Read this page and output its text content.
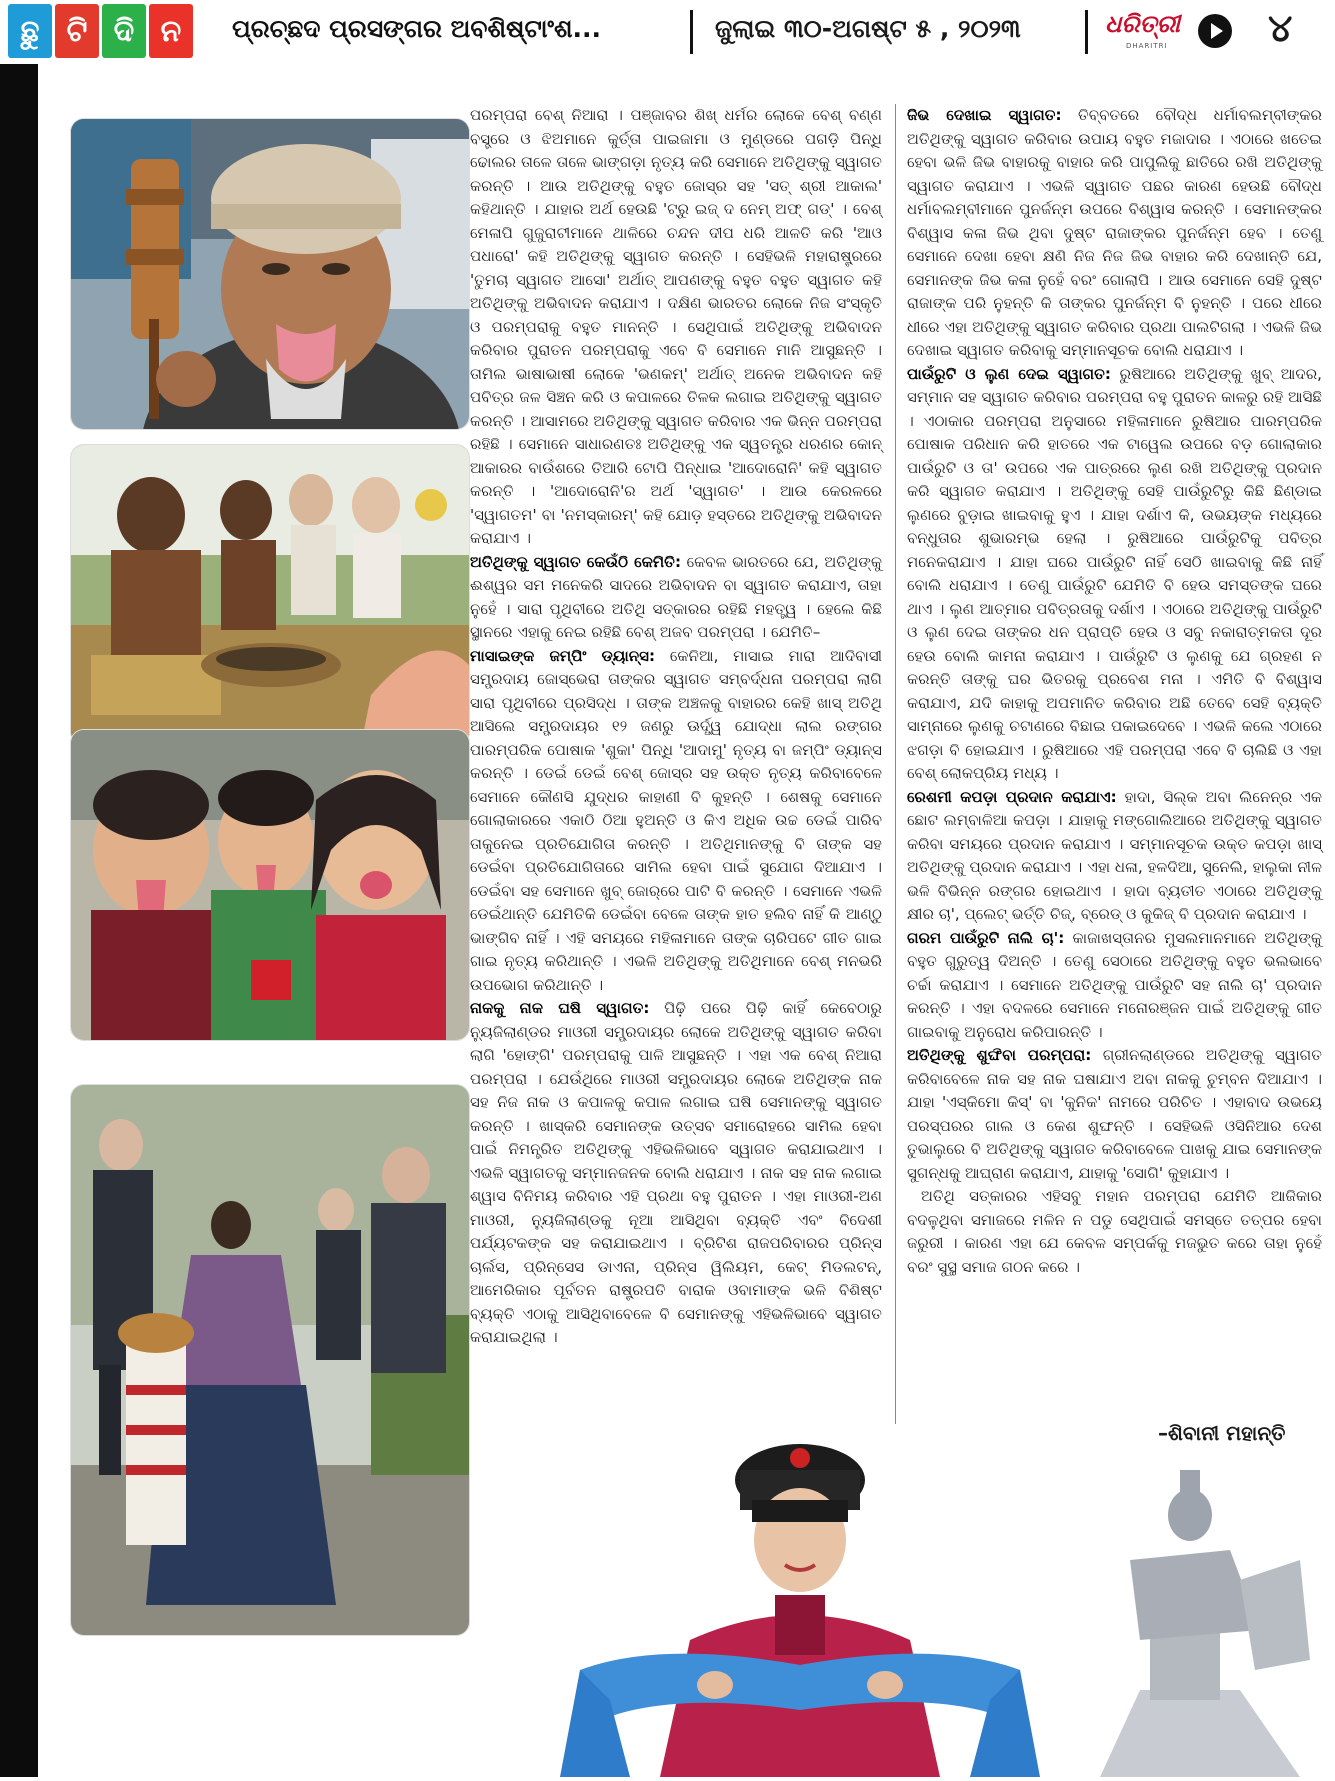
ଛୁ ଟି ଦି ନ	ପ୍ରଚ୍ଛଦ ପ୍ରସଙ୍ଗର ଅବଶିଷ୍ଟାଂଶ...	ଜୁଲାଇ ୩୦-ଅଗଷ୍ଟ ୫ , ୨୦୨୩	ଧରିତ୍ରୀ
DHARITRI	୪

ପରମ୍ପରା ବେଶ୍ ନିଆରା । ପଞ୍ଜାବର ଶିଖ୍ ଧର୍ମର ଲୋକେ ବେଶ୍ ବଣ୍ଣ ବସ୍ତ୍ରେ ଓ ଝିଅମାନେ କୁର୍ତ୍ତା ପାଇଜାମା ଓ ମୁଣ୍ଡରେ ପଗଡ଼ି ପିନ୍ଧି ଢୋଲର ତାଳେ ତାଳେ ଭାଙ୍ଗଡ଼ା ନୃତ୍ୟ କରି ସେମାନେ ଅତିଥିଙ୍କୁ ସ୍ୱାଗତ କରନ୍ତି । ଆଉ ଅତିଥିଙ୍କୁ ବହୁତ ଜୋସ୍‌ର ସହ 'ସତ୍ ଶ୍ରୀ ଆକାଲ' କହିଥାନ୍ତି । ଯାହାର ଅର୍ଥ ହେଉଛି 'ଟ୍ରୁ ଇଜ୍ ଦ ନେମ୍ ଅଫ୍ ଗଡ୍' । ବେଶ୍ ମେଳାପି ଗୁଜୁରାଟୀମାନେ ଥାଳିରେ ଚନ୍ଦନ ଦୀପ ଧରି ଆଳତି କରି 'ଆଓ ପଧାରୋ' କହି ଅତିଥିଙ୍କୁ ସ୍ୱାଗତ କରନ୍ତି । ସେହିଭଳି ମହାରାଷ୍ଟ୍ରରେ 'ତୁମଚା ସ୍ୱାଗତ ଆସୋ' ଅର୍ଥାତ୍ ଆପଣଙ୍କୁ ବହୁତ ବହୁତ ସ୍ୱାଗତ କହି ଅତିଥିଙ୍କୁ ଅଭିବାଦନ କରାଯାଏ । ଦକ୍ଷିଣ ଭାରତର ଲୋକେ ନିଜ ସଂସ୍କୃତି ଓ ପରମ୍ପରାକୁ ବହୁତ ମାନନ୍ତି । ସେଥିପାଇଁ ଅତିଥିଙ୍କୁ ଅଭିବାଦନ କରିବାର ପୁରାତନ ପରମ୍ପରାକୁ ଏବେ ବି ସେମାନେ ମାନି ଆସୁଛନ୍ତି । ତାମିଲ ଭାଷାଭାଷୀ ଲୋକେ 'ଭଣକମ୍' ଅର୍ଥାତ୍ ଅନେକ ଅଭିବାଦନ କହି ପବିତ୍ର ଜଳ ସିଞ୍ଚନ କରି ଓ କପାଳରେ ତିଳକ ଲଗାଇ ଅତିଥିଙ୍କୁ ସ୍ୱାଗତ କରନ୍ତି । ଆସାମରେ ଅତିଥିଙ୍କୁ ସ୍ୱାଗତ କରିବାର ଏକ ଭିନ୍ନ ପରମ୍ପରା ରହିଛି । ସେମାନେ ସାଧାରଣତଃ ଅତିଥିଙ୍କୁ ଏକ ସ୍ୱତନ୍ତ୍ର ଧରଣର କୋନ୍ ଆକାରର ବାଉଁଶରେ ତିଆରି ଟୋପି ପିନ୍ଧାଇ 'ଆଦୋରୋନି' କହି ସ୍ୱାଗତ କରନ୍ତି । 'ଆଦୋରୋନି'ର ଅର୍ଥ 'ସ୍ୱାଗତ' । ଆଉ କେରଳରେ 'ସ୍ୱାଗତମ' ବା 'ନମସ୍କାରମ୍' କହି ଯୋଡ଼ ହସ୍ତରେ ଅତିଥିଙ୍କୁ ଅଭିବାଦନ କରାଯାଏ ।

ଅତିଥିଙ୍କୁ ସ୍ୱାଗତ କେଉଁଠି କେମିତି: କେବଳ ଭାରତରେ ଯେ, ଅତିଥିଙ୍କୁ ଈଶ୍ୱର ସମ ମନେକରି ସାଦରେ ଅଭିବାଦନ ବା ସ୍ୱାଗତ କରାଯାଏ, ତାହା ନୁହେଁ । ସାରା ପୃଥିବୀରେ ଅତିଥି ସତ୍କାରର ରହିଛି ମହତ୍ତ୍ୱ । ହେଲେ କିଛି ସ୍ଥାନରେ ଏହାକୁ ନେଇ ରହିଛି ବେଶ୍ ଅଜବ ପରମ୍ପରା । ଯେମିତି–

ମାସାଇଙ୍କ ଜମ୍ପିଂ ଡ୍ୟାନ୍ସ: କେନିଆ, ମାସାଇ ମାରା ଆଦିବାସୀ ସମ୍ପ୍ରଦାୟ ଜୋସ୍‌ଭେରା ତାଙ୍କର ସ୍ୱାଗତ ସମ୍ବର୍ଦ୍ଧନା ପରମ୍ପରା ଲାଗି ସାରା ପୃଥିବୀରେ ପ୍ରସିଦ୍ଧ । ତାଙ୍କ ଅଞ୍ଚଳକୁ ବାହାରର କେହି ଖାସ୍ ଅତିଥି ଆସିଲେ ସମ୍ପ୍ରଦାୟର ୧୨ ଜଣରୁ ଊର୍ଦ୍ଧ୍ୱ ଯୋଦ୍ଧା ଲାଲ ରଙ୍ଗର ପାରମ୍ପରିକ ପୋଷାକ 'ଶୁକା' ପିନ୍ଧି 'ଆଦାମୁ' ନୃତ୍ୟ ବା ଜମ୍ପିଂ ଡ୍ୟାନ୍ସ କରନ୍ତି । ଡେଇଁ ଡେଇଁ ବେଶ୍ ଜୋସ୍‌ର ସହ ଉକ୍ତ ନୃତ୍ୟ କରିବାବେଳେ ସେମାନେ କୌଣସି ଯୁଦ୍ଧର କାହାଣୀ ବି କୁହନ୍ତି । ଶେଷକୁ ସେମାନେ ଗୋଲାକାରରେ ଏକାଠି ଠିଆ ହୁଅନ୍ତି ଓ କିଏ ଅଧିକ ଉଚ୍ଚ ଡେଇଁ ପାରିବ ତାକୁନେଇ ପ୍ରତିଯୋଗିତା କରନ୍ତି । ଅତିଥିମାନଙ୍କୁ ବି ତାଙ୍କ ସହ ଡେଇଁବା ପ୍ରତିଯୋଗିତାରେ ସାମିଲ ହେବା ପାଇଁ ସୁଯୋଗ ଦିଆଯାଏ । ଡେଇଁବା ସହ ସେମାନେ ଖୁବ୍ ଜୋର୍‌ରେ ପାଟି ବି କରନ୍ତି । ସେମାନେ ଏଭଳି ଡେଇଁଥାନ୍ତି ଯେମିତିକି ଡେଇଁବା ବେଳେ ତାଙ୍କ ହାତ ହଲିବ ନାହିଁ କି ଆଣ୍ଠୁ ଭାଙ୍ଗିବ ନାହିଁ । ଏହି ସମୟରେ ମହିଳାମାନେ ତାଙ୍କ ଚାରିପଟେ ଗୀତ ଗାଇ ଗାଇ ନୃତ୍ୟ କରିଥାନ୍ତି । ଏଭଳି ଅତିଥିଙ୍କୁ ଅତିଥିମାନେ ବେଶ୍ ମନଭରି ଉପଭୋଗ କରିଥାନ୍ତି ।

ନାକକୁ ନାକ ଘଷି ସ୍ୱାଗତ: ପିଢ଼ି ପରେ ପିଢ଼ି କାହିଁ କେବେଠାରୁ ନ୍ୟୁଜିଲାଣ୍ଡର ମାଓରୀ ସମ୍ପ୍ରଦାୟର ଲୋକେ ଅତିଥିଙ୍କୁ ସ୍ୱାଗତ କରିବା ଲାଗି 'ହୋଙ୍ଗି' ପରମ୍ପରାକୁ ପାଳି ଆସୁଛନ୍ତି । ଏହା ଏକ ବେଶ୍ ନିଆରା ପରମ୍ପରା । ଯେଉଁଥିରେ ମାଓରୀ ସମ୍ପ୍ରଦାୟର ଲୋକେ ଅତିଥିଙ୍କ ନାକ ସହ ନିଜ ନାକ ଓ କପାଳକୁ କପାଳ ଲଗାଇ ଘଷି ସେମାନଙ୍କୁ ସ୍ୱାଗତ କରନ୍ତି । ଖାସ୍‌କରି ସେମାନଙ୍କ ଉତ୍ସବ ସମାରୋହରେ ସାମିଲ ହେବା ପାଇଁ ନିମନ୍ତ୍ରିତ ଅତିଥିଙ୍କୁ ଏହିଭଳିଭାବେ ସ୍ୱାଗତ କରାଯାଇଥାଏ । ଏଭଳି ସ୍ୱାଗତକୁ ସମ୍ମାନଜନକ ବୋଲି ଧରାଯାଏ । ନାକ ସହ ନାକ ଲଗାଇ ଶ୍ୱାସ ବିନିମୟ କରିବାର ଏହି ପ୍ରଥା ବହୁ ପୁରାତନ । ଏହା ମାଓରୀ-ଅଣ ମାଓରୀ, ନ୍ୟୁଜିଲାଣ୍ଡକୁ ନୂଆ ଆସିଥିବା ବ୍ୟକ୍ତି ଏବଂ ବିଦେଶୀ ପର୍ଯ୍ୟଟକଙ୍କ ସହ କରାଯାଇଥାଏ । ବ୍ରିଟିଶ ରାଜପରିବାରର ପ୍ରିନ୍ସ ଚାର୍ଲସ, ପ୍ରିନ୍ସେସ ଡାଏନା, ପ୍ରିନ୍ସ ୱିଲିୟମ, କେଟ୍ ମିଡଲଟନ୍, ଆମେରିକାର ପୂର୍ବତନ ରାଷ୍ଟ୍ରପତି ବାରାକ ଓବାମାଙ୍କ ଭଳି ବିଶିଷ୍ଟ ବ୍ୟକ୍ତି ଏଠାକୁ ଆସିଥିବାବେଳେ ବି ସେମାନଙ୍କୁ ଏହିଭଳିଭାବେ ସ୍ୱାଗତ କରାଯାଇଥିଲା ।

ଜିଭ ଦେଖାଇ ସ୍ୱାଗତ: ତିବ୍ବତରେ ବୌଦ୍ଧ ଧର୍ମାବଲମ୍ବୀଙ୍କର ଅତିଥିଙ୍କୁ ସ୍ୱାଗତ କରିବାର ଉପାୟ ବହୁତ ମଜାଦାର । ଏଠାରେ ଖତେଇ ହେବା ଭଳି ଜିଭ ବାହାରକୁ ବାହାର କରି ପାପୁଲିକୁ ଛାତିରେ ରଖି ଅତିଥିଙ୍କୁ ସ୍ୱାଗତ କରାଯାଏ । ଏଭଳି ସ୍ୱାଗତ ପଛର କାରଣ ହେଉଛି ବୌଦ୍ଧ ଧର୍ମାବଲମ୍ବୀମାନେ ପୁନର୍ଜନ୍ମ ଉପରେ ବିଶ୍ୱାସ କରନ୍ତି । ସେମାନଙ୍କର ବିଶ୍ୱାସ କଳା ଜିଭ ଥିବା ଦୁଷ୍ଟ ରାଜାଙ୍କର ପୁନର୍ଜନ୍ମ ହେବ । ତେଣୁ ସେମାନେ ଦେଖା ହେବା କ୍ଷଣି ନିଜ ନିଜ ଜିଭ ବାହାର କରି ଦେଖାନ୍ତି ଯେ, ସେମାନଙ୍କ ଜିଭ କଳା ନୁହେଁ ବରଂ ଗୋଲାପି । ଆଉ ସେମାନେ ସେହି ଦୁଷ୍ଟ ରାଜାଙ୍କ ପରି ନୁହନ୍ତି କି ତାଙ୍କର ପୁନର୍ଜନ୍ମ ବି ନୁହନ୍ତି । ପରେ ଧୀରେ ଧୀରେ ଏହା ଅତିଥିଙ୍କୁ ସ୍ୱାଗତ କରିବାର ପ୍ରଥା ପାଲଟିଗଲା । ଏଭଳି ଜିଭ ଦେଖାଇ ସ୍ୱାଗତ କରିବାକୁ ସମ୍ମାନସୂଚକ ବୋଲି ଧରାଯାଏ ।

ପାଉଁରୁଟି ଓ ଲୁଣ ଦେଇ ସ୍ୱାଗତ: ରୁଷିଆରେ ଅତିଥିଙ୍କୁ ଖୁବ୍ ଆଦର, ସମ୍ମାନ ସହ ସ୍ୱାଗତ କରିବାର ପରମ୍ପରା ବହୁ ପୁରାତନ କାଳରୁ ରହି ଆସିଛି । ଏଠାକାର ପରମ୍ପରା ଅନୁସାରେ ମହିଳାମାନେ ରୁଷିଆର ପାରମ୍ପରିକ ପୋଷାକ ପରିଧାନ କରି ହାତରେ ଏକ ଟାୱେଲ ଉପରେ ବଡ଼ ଗୋଲାକାର ପାଉଁରୁଟି ଓ ତା' ଉପରେ ଏକ ପାତ୍ରରେ ଲୁଣ ରଖି ଅତିଥିଙ୍କୁ ପ୍ରଦାନ କରି ସ୍ୱାଗତ କରାଯାଏ । ଅତିଥିଙ୍କୁ ସେହି ପାଉଁରୁଟିରୁ କିଛି ଛିଣ୍ଡାଇ ଲୁଣରେ ବୁଡ଼ାଇ ଖାଇବାକୁ ହୁଏ । ଯାହା ଦର୍ଶାଏ କି, ଉଭୟଙ୍କ ମଧ୍ୟରେ ବନ୍ଧୁତାର ଶୁଭାରମ୍ଭ ହେଲା । ରୁଷିଆରେ ପାଉଁରୁଟିକୁ ପବିତ୍ର ମନେକରାଯାଏ । ଯାହା ଘରେ ପାଉଁରୁଟି ନାହିଁ ସେଠି ଖାଇବାକୁ କିଛି ନାହିଁ ବୋଲି ଧରାଯାଏ । ତେଣୁ ପାଉଁରୁଟି ଯେମିତି ବି ହେଉ ସମସ୍ତଙ୍କ ଘରେ ଥାଏ । ଲୁଣ ଆତ୍ମାର ପବିତ୍ରତାକୁ ଦର୍ଶାଏ । ଏଠାରେ ଅତିଥିଙ୍କୁ ପାଉଁରୁଟି ଓ ଲୁଣ ଦେଇ ତାଙ୍କର ଧନ ପ୍ରାପ୍ତି ହେଉ ଓ ସବୁ ନକାରାତ୍ମକତା ଦୂର ହେଉ ବୋଲି କାମନା କରାଯାଏ । ପାଉଁରୁଟି ଓ ଲୁଣକୁ ଯେ ଗ୍ରହଣ ନ କରନ୍ତି ତାଙ୍କୁ ଘର ଭିତରକୁ ପ୍ରବେଶ ମନା । ଏମିତି ବି ବିଶ୍ୱାସ କରାଯାଏ, ଯଦି କାହାକୁ ଅପମାନିତ କରିବାର ଅଛି ତେବେ ସେହି ବ୍ୟକ୍ତି ସାମ୍ନାରେ ଲୁଣକୁ ଚଟାଣରେ ବିଛାଇ ପକାଇଦେବେ । ଏଭଳି କଲେ ଏଠାରେ ଝଗଡ଼ା ବି ହୋଇଯାଏ । ରୁଷିଆରେ ଏହି ପରମ୍ପରା ଏବେ ବି ଚାଲିଛି ଓ ଏହା ବେଶ୍ ଲୋକପ୍ରିୟ ମଧ୍ୟ ।

ରେଶମୀ କପଡ଼ା ପ୍ରଦାନ କରାଯାଏ: ହାଦା, ସିଲ୍କ ଅବା ଲିନେନ୍‌ର ଏକ ଛୋଟ ଲମ୍ବାଳିଆ କପଡ଼ା । ଯାହାକୁ ମଙ୍ଗୋଲିଆରେ ଅତିଥିଙ୍କୁ ସ୍ୱାଗତ କରିବା ସମୟରେ ପ୍ରଦାନ କରାଯାଏ । ସମ୍ମାନସୂଚକ ଉକ୍ତ କପଡ଼ା ଖାସ୍ ଅତିଥିଙ୍କୁ ପ୍ରଦାନ କରାଯାଏ । ଏହା ଧଳା, ହଳଦିଆ, ସୁନେଲି, ହାଲୁକା ନୀଳ ଭଳି ବିଭିନ୍ନ ରଙ୍ଗର ହୋଇଥାଏ । ହାଦା ବ୍ୟତୀତ ଏଠାରେ ଅତିଥିଙ୍କୁ କ୍ଷୀର ଚା', ପ୍ଲେଟ୍ ଭର୍ତ୍ତି ଚିଜ୍, ବ୍ରେଡ୍ ଓ କୁକିଜ୍ ବି ପ୍ରଦାନ କରାଯାଏ ।

ଗରମ ପାଉଁରୁଟି ନାଲି ଚା': କାଜାଖସ୍ତାନର ମୁସଲମାନମାନେ ଅତିଥିଙ୍କୁ ବହୁତ ଗୁରୁତ୍ୱ ଦିଅନ୍ତି । ତେଣୁ ସେଠାରେ ଅତିଥିଙ୍କୁ ବହୁତ ଭଲଭାବେ ଚର୍ଚ୍ଚା କରାଯାଏ । ସେମାନେ ଅତିଥିଙ୍କୁ ପାଉଁରୁଟି ସହ ନାଲି ଚା' ପ୍ରଦାନ କରନ୍ତି । ଏହା ବଦଳରେ ସେମାନେ ମନୋରଞ୍ଜନ ପାଇଁ ଅତିଥିଙ୍କୁ ଗୀତ ଗାଇବାକୁ ଅନୁରୋଧ କରିପାରନ୍ତି ।

ଅତିଥିଙ୍କୁ ଶୁଙ୍ଘିବା ପରମ୍ପରା: ଗ୍ରୀନଲାଣ୍ଡରେ ଅତିଥିଙ୍କୁ ସ୍ୱାଗତ କରିବାବେଳେ ନାକ ସହ ନାକ ଘଷାଯାଏ ଅବା ନାକକୁ ଚୁମ୍ବନ ଦିଆଯାଏ । ଯାହା 'ଏସ୍କିମୋ କିସ୍' ବା 'କୁନିକ' ନାମରେ ପରିଚିତ । ଏହାବାଦ ଉଭୟେ ପରସ୍ପରର ଗାଲ ଓ କେଶ ଶୁଙ୍ଘନ୍ତି । ସେହିଭଳି ଓସିନିଆର ଦେଶ ତୁଭାଲୁରେ ବି ଅତିଥିଙ୍କୁ ସ୍ୱାଗତ କରିବାବେଳେ ପାଖକୁ ଯାଇ ସେମାନଙ୍କ ସୁଗନ୍ଧକୁ ଆଘ୍ରାଣ କରାଯାଏ, ଯାହାକୁ 'ସୋଗି' କୁହାଯାଏ ।

ଅତିଥି ସତ୍କାରର ଏହିସବୁ ମହାନ ପରମ୍ପରା ଯେମିତି ଆଜିକାର ବଦଳୁଥିବା ସମାଜରେ ମଳିନ ନ ପଡୁ ସେଥିପାଇଁ ସମସ୍ତେ ତତ୍ପର ହେବା ଜରୁରୀ । କାରଣ ଏହା ଯେ କେବଳ ସମ୍ପର୍କକୁ ମଜଭୁତ କରେ ତାହା ନୁହେଁ ବରଂ ସୁସ୍ଥ ସମାଜ ଗଠନ କରେ ।

–ଶିବାନୀ ମହାନ୍ତି
